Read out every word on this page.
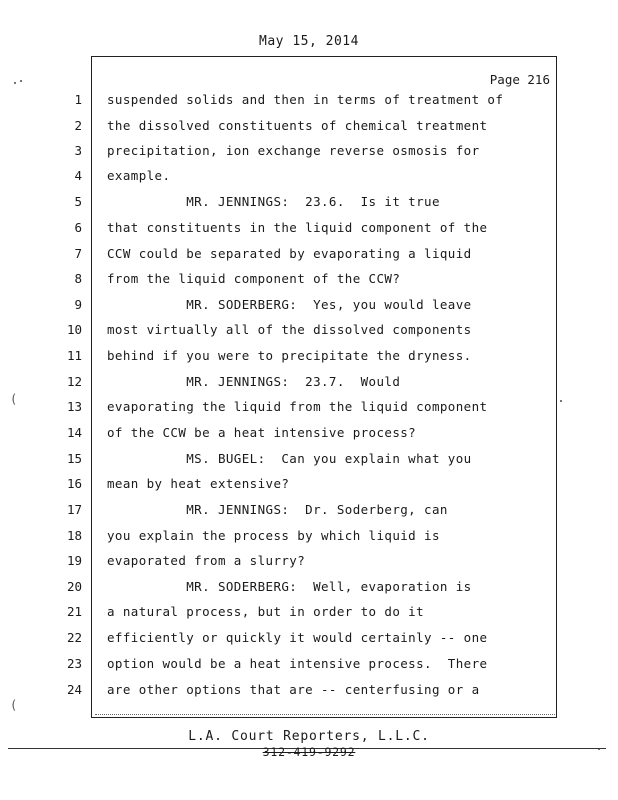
May 15, 2014
Page 216
1 suspended solids and then in terms of treatment of
2 the dissolved constituents of chemical treatment
3 precipitation, ion exchange reverse osmosis for
4 example.
5 MR. JENNINGS:  23.6.  Is it true
6 that constituents in the liquid component of the
7 CCW could be separated by evaporating a liquid
8 from the liquid component of the CCW?
9 MR. SODERBERG:  Yes, you would leave
10 most virtually all of the dissolved components
11 behind if you were to precipitate the dryness.
12 MR. JENNINGS:  23.7.  Would
13 evaporating the liquid from the liquid component
14 of the CCW be a heat intensive process?
15 MS. BUGEL:  Can you explain what you
16 mean by heat extensive?
17 MR. JENNINGS:  Dr. Soderberg, can
18 you explain the process by which liquid is
19 evaporated from a slurry?
20 MR. SODERBERG:  Well, evaporation is
21 a natural process, but in order to do it
22 efficiently or quickly it would certainly -- one
23 option would be a heat intensive process.  There
24 are other options that are -- centerfusing or a
(
(
L.A. Court Reporters, L.L.C.
312-419-9292
